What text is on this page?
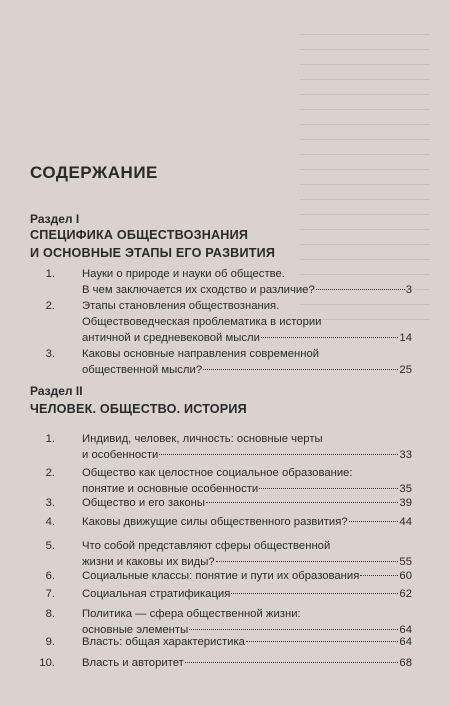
СОДЕРЖАНИЕ
Раздел I
СПЕЦИФИКА ОБЩЕСТВОЗНАНИЯ
И ОСНОВНЫЕ ЭТАПЫ ЕГО РАЗВИТИЯ
1. Науки о природе и науки об обществе.
В чем заключается их сходство и различие?	3
2. Этапы становления обществознания.
Обществоведческая проблематика в истории
античной и средневековой мысли	14
3. Каковы основные направления современной
общественной мысли?	25
Раздел II
ЧЕЛОВЕК. ОБЩЕСТВО. ИСТОРИЯ
1. Индивид, человек, личность: основные черты
и особенности	33
2. Общество как целостное социальное образование:
понятие и основные особенности	35
3. Общество и его законы	39
4. Каковы движущие силы общественного развития?	44
5. Что собой представляют сферы общественной
жизни и каковы их виды?	55
6. Социальные классы: понятие и пути их образования	60
7. Социальная стратификация	62
8. Политика — сфера общественной жизни:
основные элементы	64
9. Власть: общая характеристика	64
10. Власть и авторитет	68
